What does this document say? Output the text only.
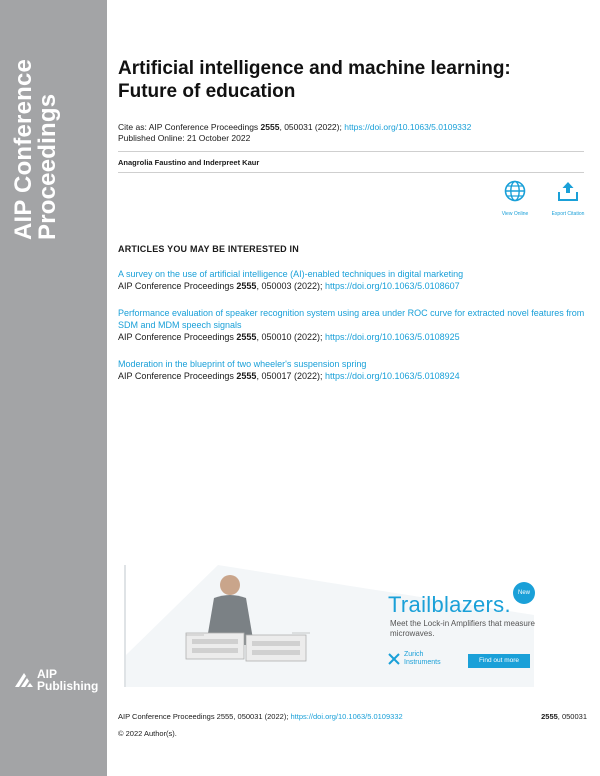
AIP Conference
Proceedings
AIP
Publishing
Artificial intelligence and machine learning:
Future of education
Cite as: AIP Conference Proceedings 2555, 050031 (2022); https://doi.org/10.1063/5.0109332
Published Online: 21 October 2022
Anagrolia Faustino and Inderpreet Kaur
View Online	Export Citation
ARTICLES YOU MAY BE INTERESTED IN
A survey on the use of artificial intelligence (AI)-enabled techniques in digital marketing
AIP Conference Proceedings 2555, 050003 (2022); https://doi.org/10.1063/5.0108607
Performance evaluation of speaker recognition system using area under ROC curve for extracted novel features from SDM and MDM speech signals
AIP Conference Proceedings 2555, 050010 (2022); https://doi.org/10.1063/5.0108925
Moderation in the blueprint of two wheeler's suspension spring
AIP Conference Proceedings 2555, 050017 (2022); https://doi.org/10.1063/5.0108924
Trailblazers.
Meet the Lock-in Amplifiers that measure microwaves.
Zurich
Instruments	Find out more
New
AIP Conference Proceedings 2555, 050031 (2022); https://doi.org/10.1063/5.0109332	2555, 050031
© 2022 Author(s).
